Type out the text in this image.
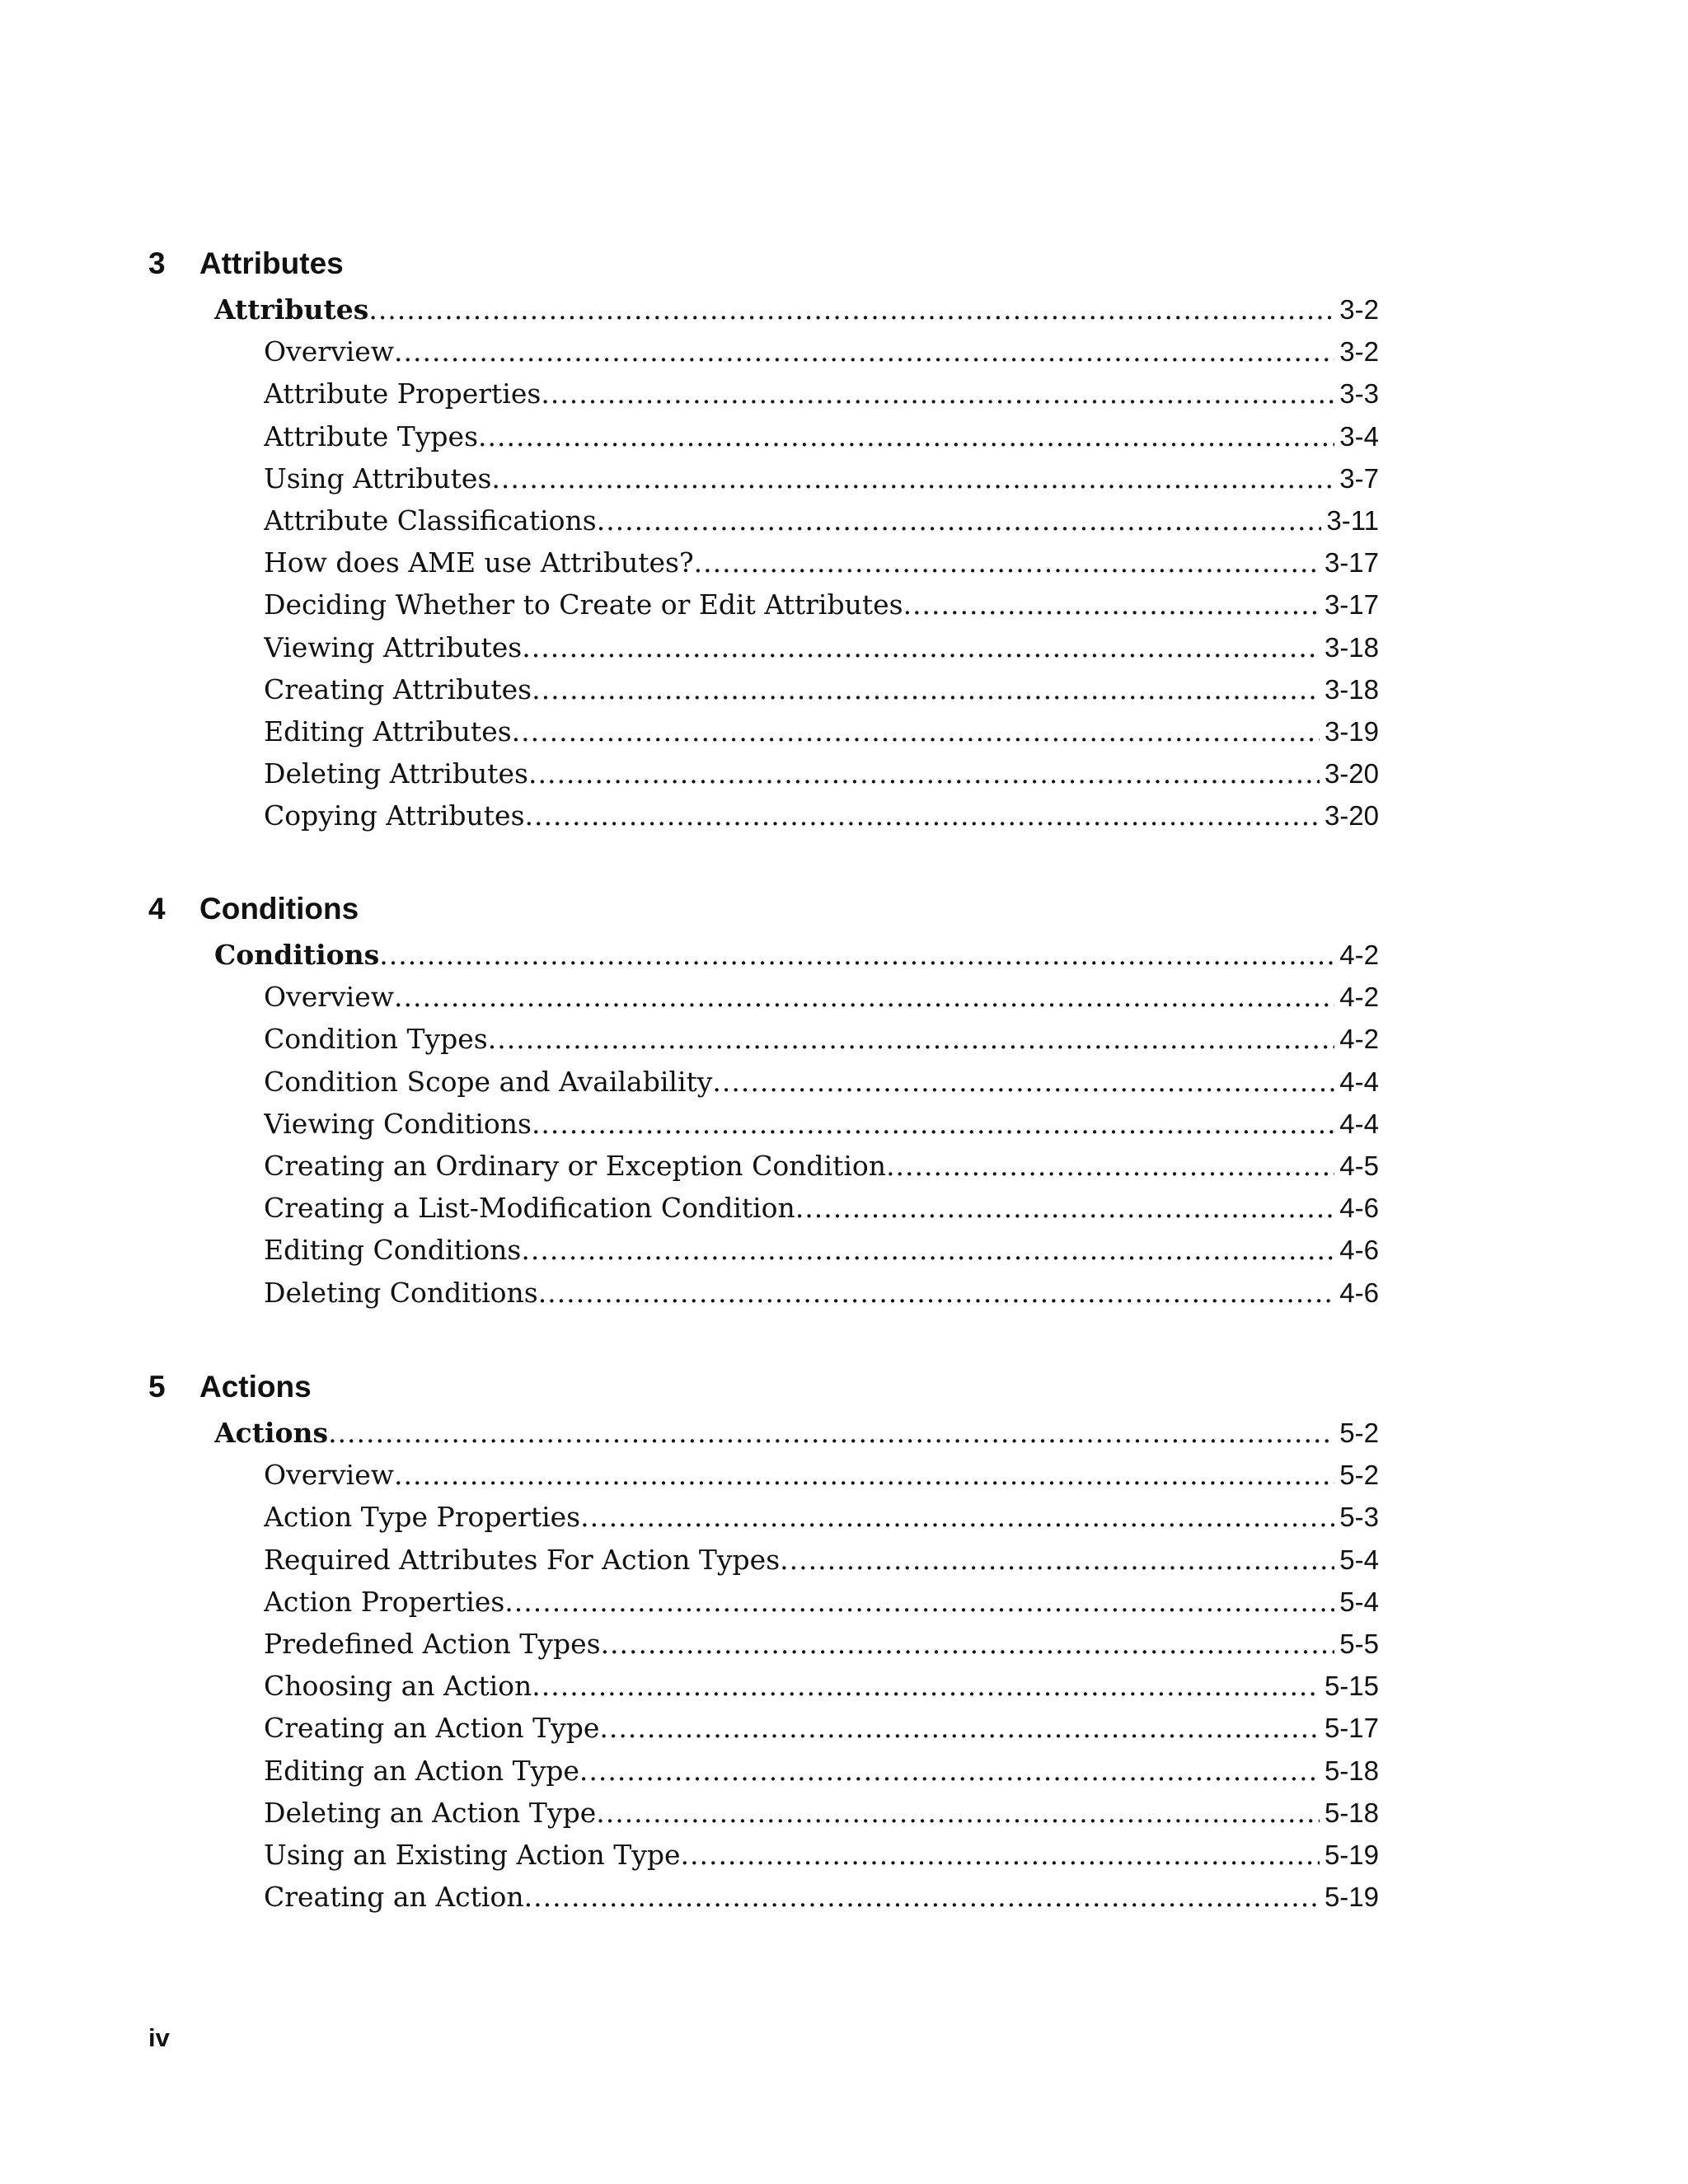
3 Attributes
Attributes .....	3-2
Overview .....	3-2
Attribute Properties .....	3-3
Attribute Types .....	3-4
Using Attributes .....	3-7
Attribute Classifications .....	3-11
How does AME use Attributes? .....	3-17
Deciding Whether to Create or Edit Attributes .....	3-17
Viewing Attributes .....	3-18
Creating Attributes .....	3-18
Editing Attributes .....	3-19
Deleting Attributes .....	3-20
Copying Attributes .....	3-20
4 Conditions
Conditions .....	4-2
Overview .....	4-2
Condition Types .....	4-2
Condition Scope and Availability .....	4-4
Viewing Conditions .....	4-4
Creating an Ordinary or Exception Condition .....	4-5
Creating a List-Modification Condition .....	4-6
Editing Conditions .....	4-6
Deleting Conditions .....	4-6
5 Actions
Actions .....	5-2
Overview .....	5-2
Action Type Properties .....	5-3
Required Attributes For Action Types .....	5-4
Action Properties .....	5-4
Predefined Action Types .....	5-5
Choosing an Action .....	5-15
Creating an Action Type .....	5-17
Editing an Action Type .....	5-18
Deleting an Action Type .....	5-18
Using an Existing Action Type .....	5-19
Creating an Action .....	5-19
iv
